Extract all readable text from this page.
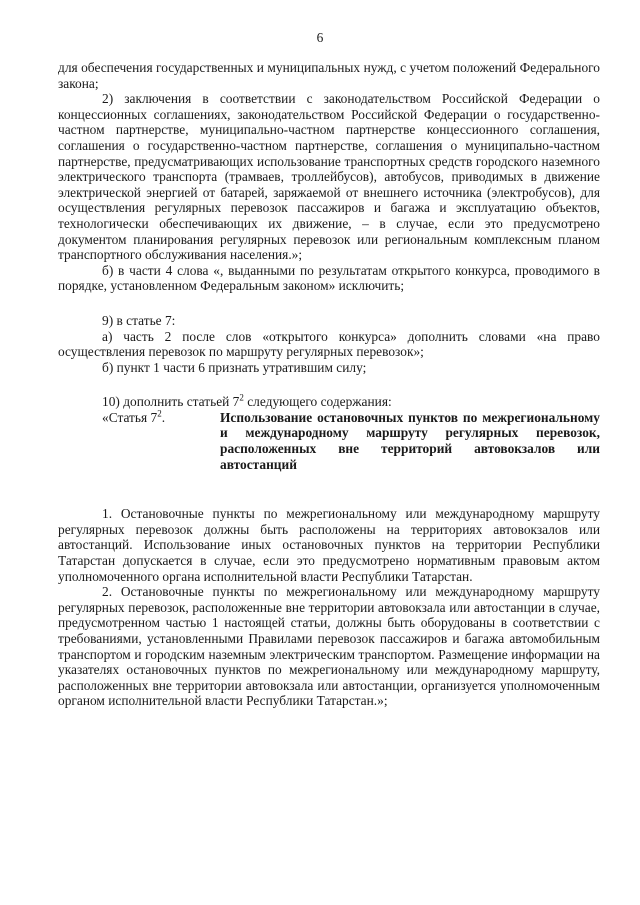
6

для обеспечения государственных и муниципальных нужд, с учетом положений Федерального закона;

2) заключения в соответствии с законодательством Российской Федерации о концессионных соглашениях, законодательством Российской Федерации о государственно-частном партнерстве, муниципально-частном партнерстве концессионного соглашения, соглашения о государственно-частном партнерстве, соглашения о муниципально-частном партнерстве, предусматривающих использование транспортных средств городского наземного электрического транспорта (трамваев, троллейбусов), автобусов, приводимых в движение электрической энергией от батарей, заряжаемой от внешнего источника (электробусов), для осуществления регулярных перевозок пассажиров и багажа и эксплуатацию объектов, технологически обеспечивающих их движение, – в случае, если это предусмотрено документом планирования регулярных перевозок или региональным комплексным планом транспортного обслуживания населения.»;

б) в части 4 слова «, выданными по результатам открытого конкурса, проводимого в порядке, установленном Федеральным законом» исключить;

9) в статье 7:

а) часть 2 после слов «открытого конкурса» дополнить словами «на право осуществления перевозок по маршруту регулярных перевозок»;

б) пункт 1 части 6 признать утратившим силу;

10) дополнить статьей $7^2$ следующего содержания:

«Статья $7^2$.	Использование остановочных пунктов по межрегиональному и международному маршруту регулярных перевозок, расположенных вне территорий автовокзалов или автостанций

1. Остановочные пункты по межрегиональному или международному маршруту регулярных перевозок должны быть расположены на территориях автовокзалов или автостанций. Использование иных остановочных пунктов на территории Республики Татарстан допускается в случае, если это предусмотрено нормативным правовым актом уполномоченного органа исполнительной власти Республики Татарстан.

2. Остановочные пункты по межрегиональному или международному маршруту регулярных перевозок, расположенные вне территории автовокзала или автостанции в случае, предусмотренном частью 1 настоящей статьи, должны быть оборудованы в соответствии с требованиями, установленными Правилами перевозок пассажиров и багажа автомобильным транспортом и городским наземным электрическим транспортом. Размещение информации на указателях остановочных пунктов по межрегиональному или международному маршруту, расположенных вне территории автовокзала или автостанции, организуется уполномоченным органом исполнительной власти Республики Татарстан.»;
